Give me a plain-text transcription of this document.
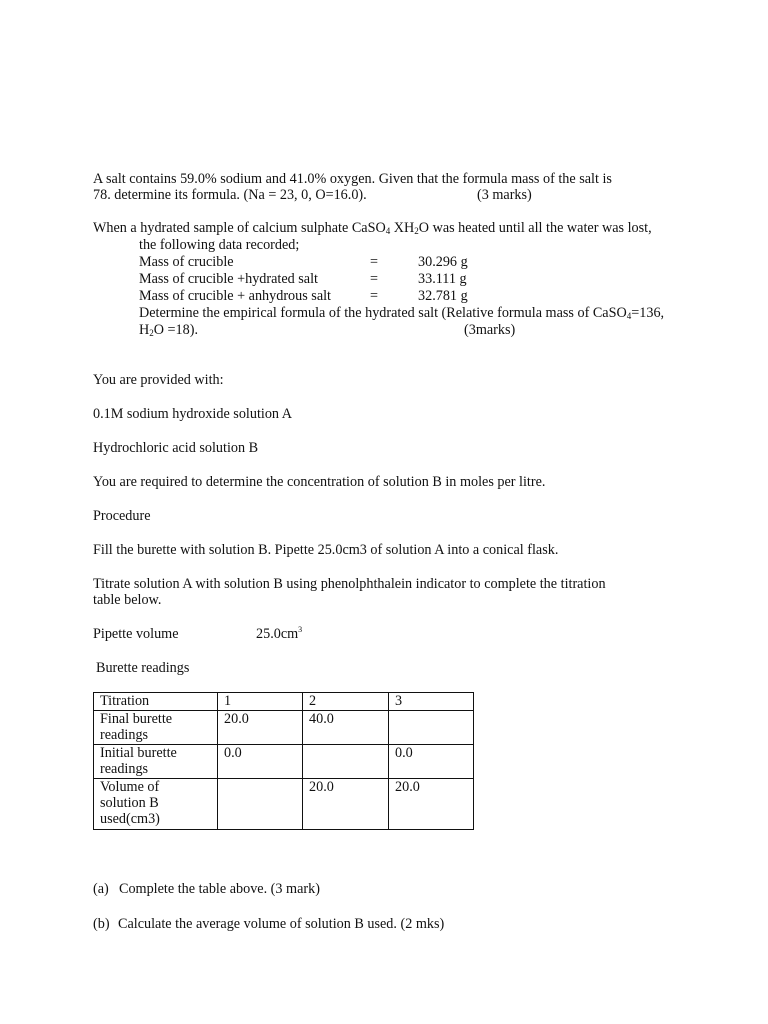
A salt contains 59.0% sodium and 41.0% oxygen. Given that the formula mass of the salt is
78. determine its formula. (Na = 23, 0, O=16.0).	(3 marks)
When a hydrated sample of calcium sulphate CaSO$_4$ $XH_2O$ was heated until all the water was lost,
the following data recorded;
Mass of crucible	=	30.296 g
Mass of crucible +hydrated salt	=	33.111 g
Mass of crucible + anhydrous salt	=	32.781 g
Determine the empirical formula of the hydrated salt (Relative formula mass of CaSO$_4$=136,
$H_2O =18$).	(3marks)
You are provided with:
0.1M sodium hydroxide solution A
Hydrochloric acid solution B
You are required to determine the concentration of solution B in moles per litre.
Procedure
Fill the burette with solution B. Pipette 25.0cm3 of solution A into a conical flask.
Titrate solution A with solution B using phenolphthalein indicator to complete the titration
table below.
Pipette volume	$25.0cm^3$
Burette readings
Titration	1	2	3

Final burette
readings	20.0	40.0	

Initial burette
readings	0.0		0.0

Volume of
solution B
used(cm3)		20.0	20.0
(a) Complete the table above. (3 mark)
(b) Calculate the average volume of solution B used. (2 mks)
